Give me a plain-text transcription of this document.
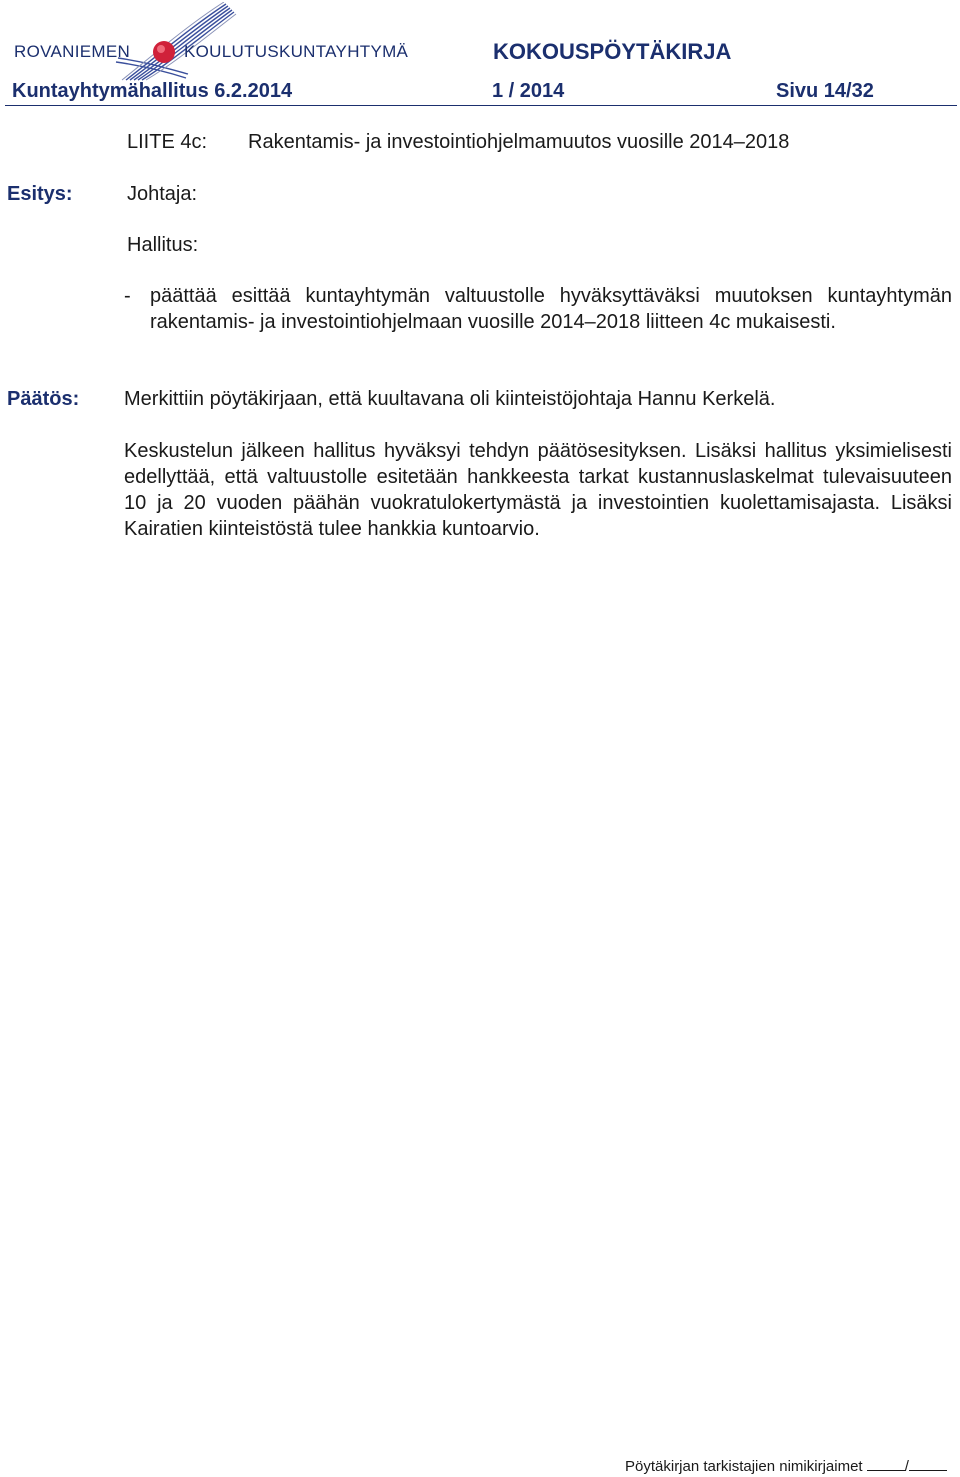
ROVANIEMEN	KOULUTUSKUNTAYHTYMÄ	KOKOUSPÖYTÄKIRJA
Kuntayhtymähallitus 6.2.2014	1 / 2014	Sivu 14/32
LIITE 4c: Rakentamis- ja investointiohjelmamuutos vuosille 2014–2018
Esitys:	Johtaja:
Hallitus:
- päättää esittää kuntayhtymän valtuustolle hyväksyttäväksi muutoksen kuntayhtymän rakentamis- ja investointiohjelmaan vuosille 2014–2018 liitteen 4c mukaisesti.
Päätös: Merkittiin pöytäkirjaan, että kuultavana oli kiinteistöjohtaja Hannu Kerkelä.
Keskustelun jälkeen hallitus hyväksyi tehdyn päätösesityksen. Lisäksi hallitus yksimielisesti edellyttää, että valtuustolle esitetään hankkeesta tarkat kustannuslaskelmat tulevaisuuteen 10 ja 20 vuoden päähän vuokratulokertymästä ja investointien kuolettamisajasta. Lisäksi Kairatien kiinteistöstä tulee hankkia kuntoarvio.
Pöytäkirjan tarkistajien nimikirjaimet	/
